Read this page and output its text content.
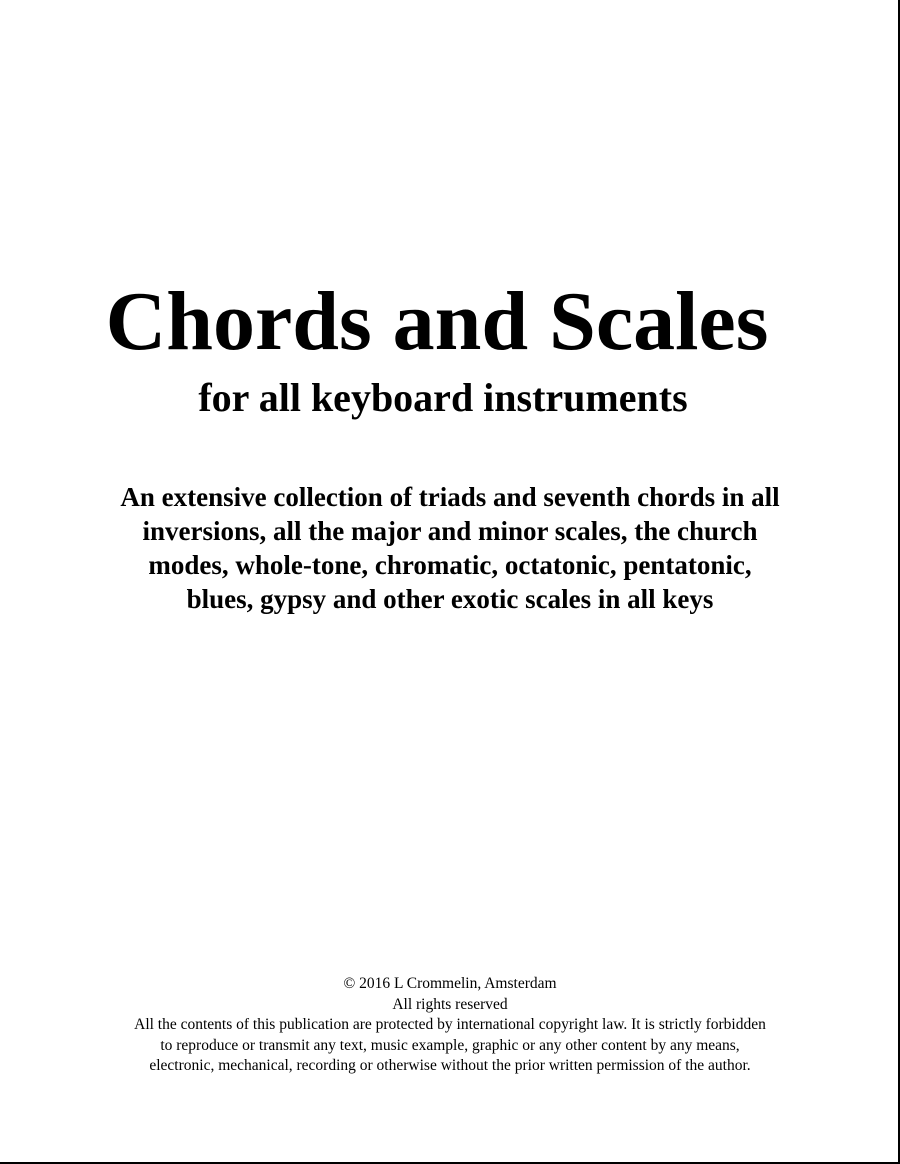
Chords and Scales
for all keyboard instruments

An extensive collection of triads and seventh chords in all
inversions, all the major and minor scales, the church
modes, whole-tone, chromatic, octatonic, pentatonic,
blues, gypsy and other exotic scales in all keys

© 2016 L Crommelin, Amsterdam
All rights reserved
All the contents of this publication are protected by international copyright law. It is strictly forbidden
to reproduce or transmit any text, music example, graphic or any other content by any means,
electronic, mechanical, recording or otherwise without the prior written permission of the author.
